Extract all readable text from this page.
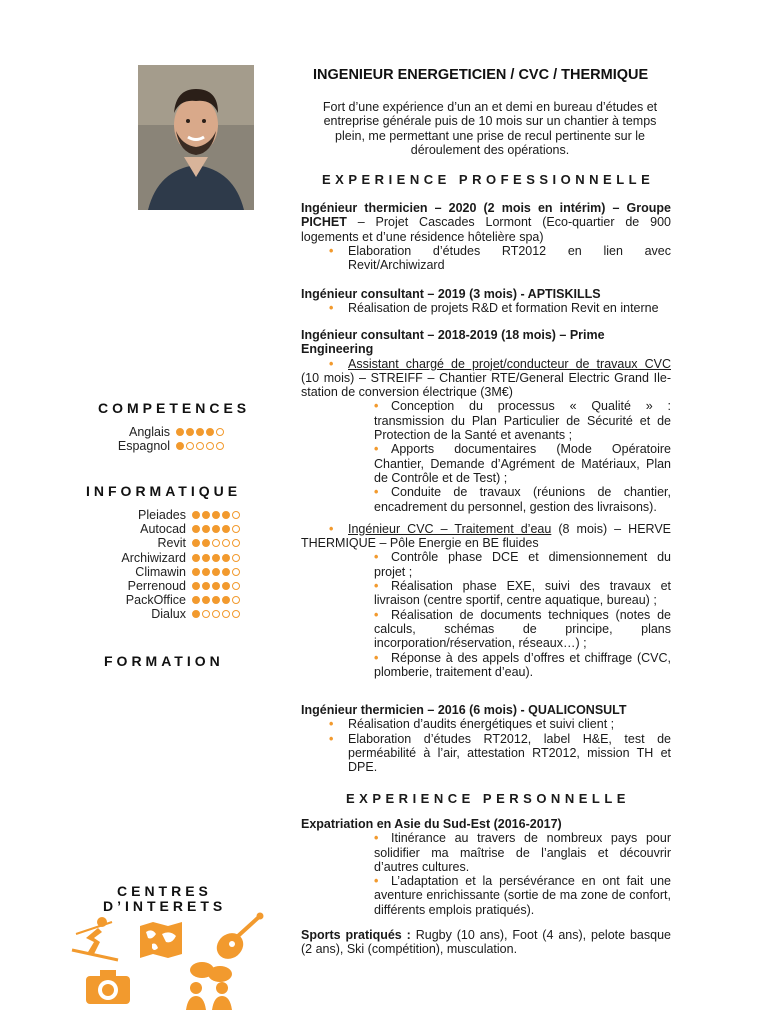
COMPETENCES
Anglais
Espagnol
INFORMATIQUE
Pleiades
Autocad
Revit
Archiwizard
Climawin
Perrenoud
PackOffice
Dialux
FORMATION

CENTRES
D’INTERETS
INGENIEUR ENERGETICIEN / CVC / THERMIQUE
Fort d’une expérience d’un an et demi en bureau d’études et entreprise générale puis de 10 mois sur un chantier à temps plein, me permettant une prise de recul pertinente sur le déroulement des opérations.
EXPERIENCE PROFESSIONNELLE
Ingénieur thermicien – 2020 (2 mois en intérim) – Groupe PICHET – Projet Cascades Lormont (Eco-quartier de 900 logements et d’une résidence hôtelière spa)
• Elaboration d’études RT2012 en lien avec Revit/Archiwizard
Ingénieur consultant – 2019 (3 mois) - APTISKILLS
• Réalisation de projets R&D et formation Revit en interne
Ingénieur consultant – 2018-2019 (18 mois) – Prime Engineering
• Assistant chargé de projet/conducteur de travaux CVC (10 mois) – STREIFF – Chantier RTE/General Electric Grand Ile-station de conversion électrique (3M€)
• Conception du processus « Qualité » : transmission du Plan Particulier de Sécurité et de Protection de la Santé et avenants ;
• Apports documentaires (Mode Opératoire Chantier, Demande d’Agrément de Matériaux, Plan de Contrôle et de Test) ;
• Conduite de travaux (réunions de chantier, encadrement du personnel, gestion des livraisons).
• Ingénieur CVC – Traitement d’eau (8 mois) – HERVE THERMIQUE – Pôle Energie en BE fluides
• Contrôle phase DCE et dimensionnement du projet ;
• Réalisation phase EXE, suivi des travaux et livraison (centre sportif, centre aquatique, bureau) ;
• Réalisation de documents techniques (notes de calculs, schémas de principe, plans incorporation/réservation, réseaux…) ;
• Réponse à des appels d’offres et chiffrage (CVC, plomberie, traitement d’eau).
Ingénieur thermicien – 2016 (6 mois) - QUALICONSULT
• Réalisation d’audits énergétiques et suivi client ;
• Elaboration d’études RT2012, label H&E, test de perméabilité à l’air, attestation RT2012, mission TH et DPE.
EXPERIENCE PERSONNELLE
Expatriation en Asie du Sud-Est (2016-2017)
• Itinérance au travers de nombreux pays pour solidifier ma maîtrise de l’anglais et découvrir d’autres cultures.
• L’adaptation et la persévérance en ont fait une aventure enrichissante (sortie de ma zone de confort, différents emplois pratiqués).
Sports pratiqués : Rugby (10 ans), Foot (4 ans), pelote basque (2 ans), Ski (compétition), musculation.
